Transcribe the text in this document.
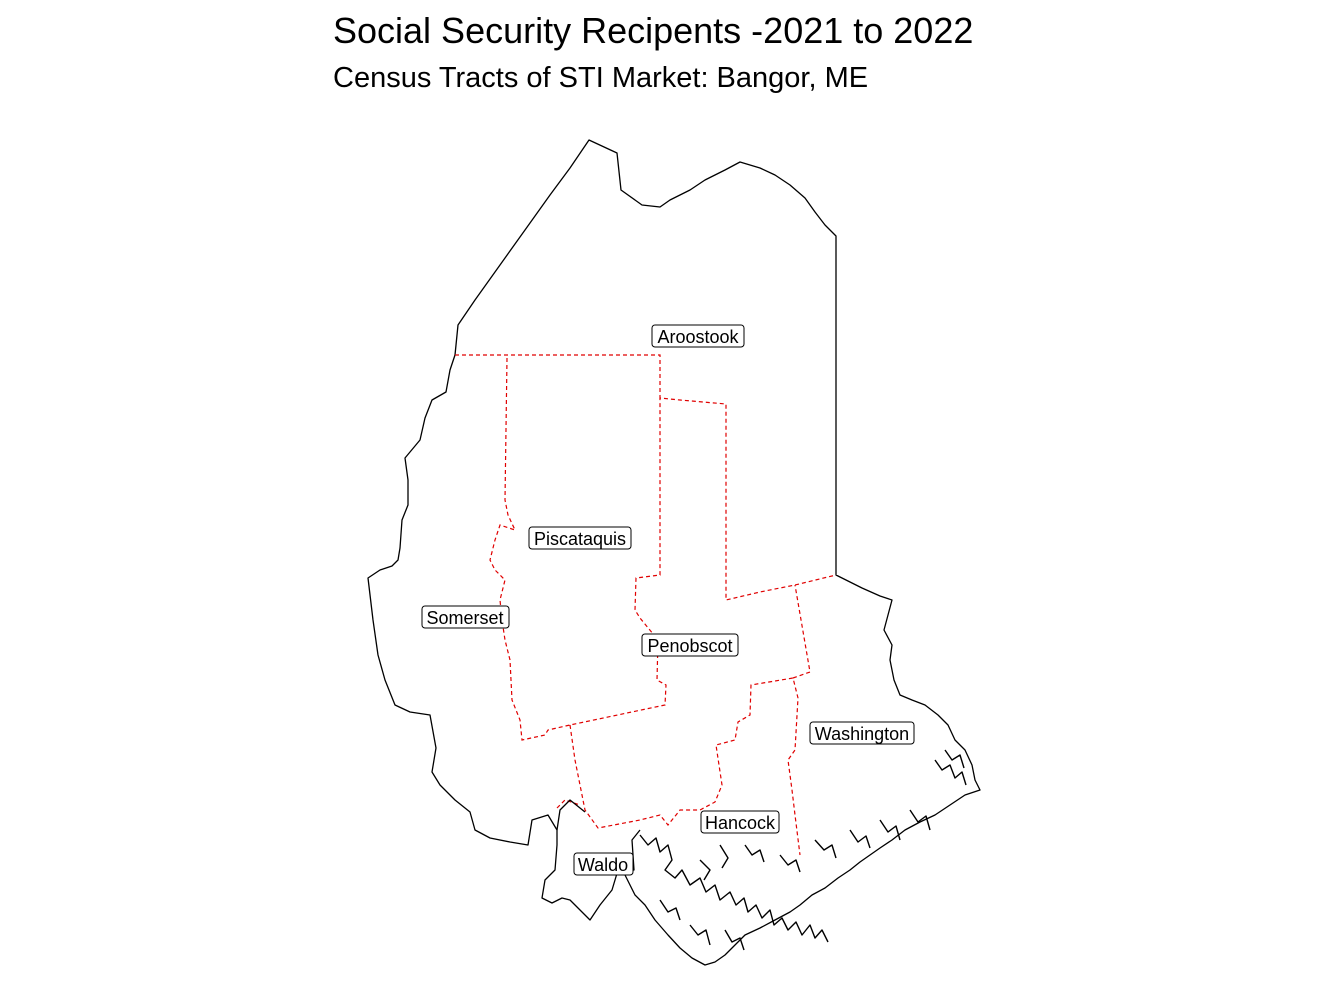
Social Security Recipents -2021 to 2022
Census Tracts of STI Market: Bangor, ME
Aroostook
Piscataquis
Somerset
Penobscot
Washington
Hancock
Waldo
